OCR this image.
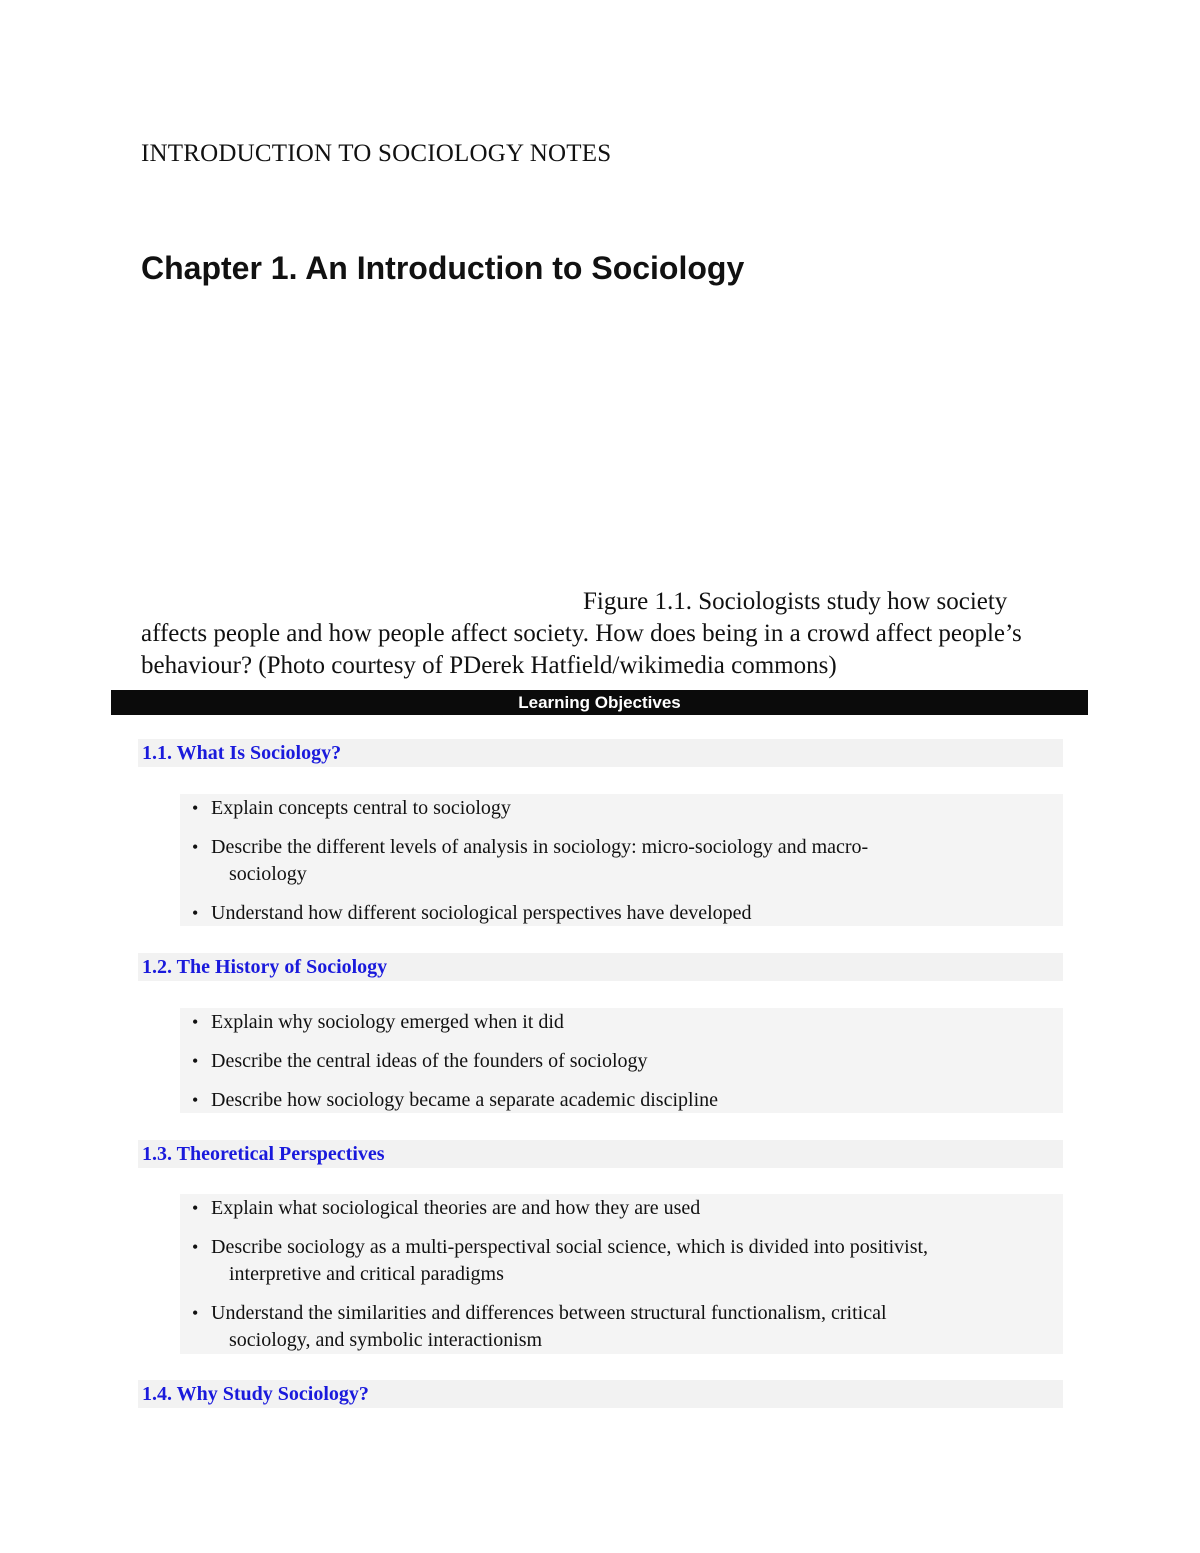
INTRODUCTION TO SOCIOLOGY NOTES
Chapter 1. An Introduction to Sociology
Figure 1.1. Sociologists study how society affects people and how people affect society. How does being in a crowd affect people’s behaviour? (Photo courtesy of PDerek Hatfield/wikimedia commons)
Learning Objectives
1.1. What Is Sociology?
• Explain concepts central to sociology
• Describe the different levels of analysis in sociology: micro-sociology and macro-
sociology
• Understand how different sociological perspectives have developed
1.2. The History of Sociology
• Explain why sociology emerged when it did
• Describe the central ideas of the founders of sociology
• Describe how sociology became a separate academic discipline
1.3. Theoretical Perspectives
• Explain what sociological theories are and how they are used
• Describe sociology as a multi-perspectival social science, which is divided into positivist,
interpretive and critical paradigms
• Understand the similarities and differences between structural functionalism, critical
sociology, and symbolic interactionism
1.4. Why Study Sociology?
